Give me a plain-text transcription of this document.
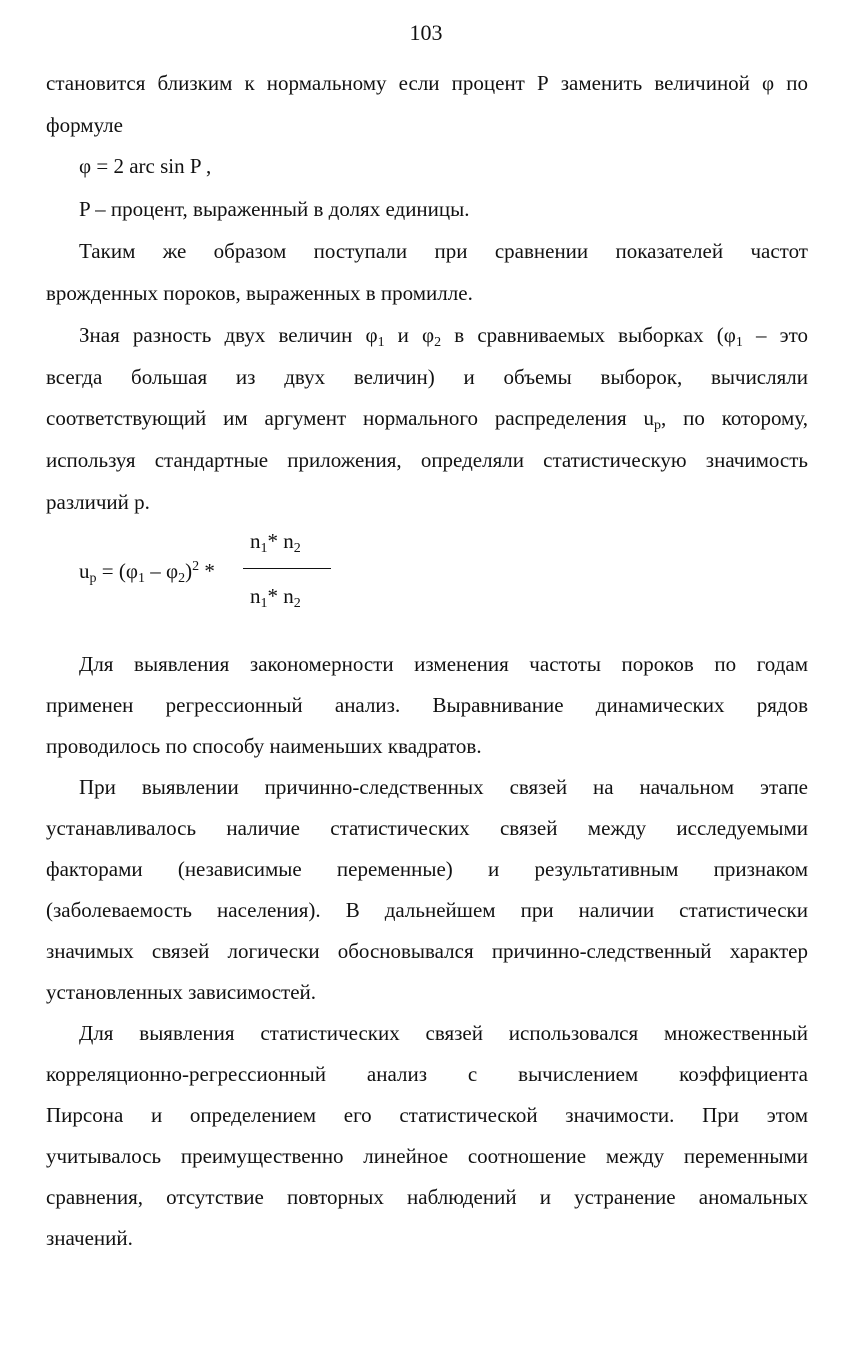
103
становится близким к нормальному если процент Р заменить величиной φ по
формуле
φ = 2 arc sin P ,
P – процент, выраженный в долях единицы.
Таким же образом поступали при сравнении показателей частот
врожденных пороков, выраженных в промилле.
Зная разность двух величин $\varphi_1$ и $\varphi_2$ в сравниваемых выборках ($\varphi_1$ – это
всегда большая из двух величин) и объемы выборок, вычисляли
соответствующий им аргумент нормального распределения $u_p$, по которому,
используя стандартные приложения, определяли статистическую значимость
различий р.
$u_p = (\varphi_1 - \varphi_2)^2$ *
$n_1*$ $n_2$
$n_1*$ $n_2$
Для выявления закономерности изменения частоты пороков по годам
применен регрессионный анализ. Выравнивание динамических рядов
проводилось по способу наименьших квадратов.
При выявлении причинно-следственных связей на начальном этапе
устанавливалось наличие статистических связей между исследуемыми
факторами (независимые переменные) и результативным признаком
(заболеваемость населения). В дальнейшем при наличии статистически
значимых связей логически обосновывался причинно-следственный характер
установленных зависимостей.
Для выявления статистических связей использовался множественный
корреляционно-регрессионный анализ с вычислением коэффициента
Пирсона и определением его статистической значимости. При этом
учитывалось преимущественно линейное соотношение между переменными
сравнения, отсутствие повторных наблюдений и устранение аномальных
значений.
